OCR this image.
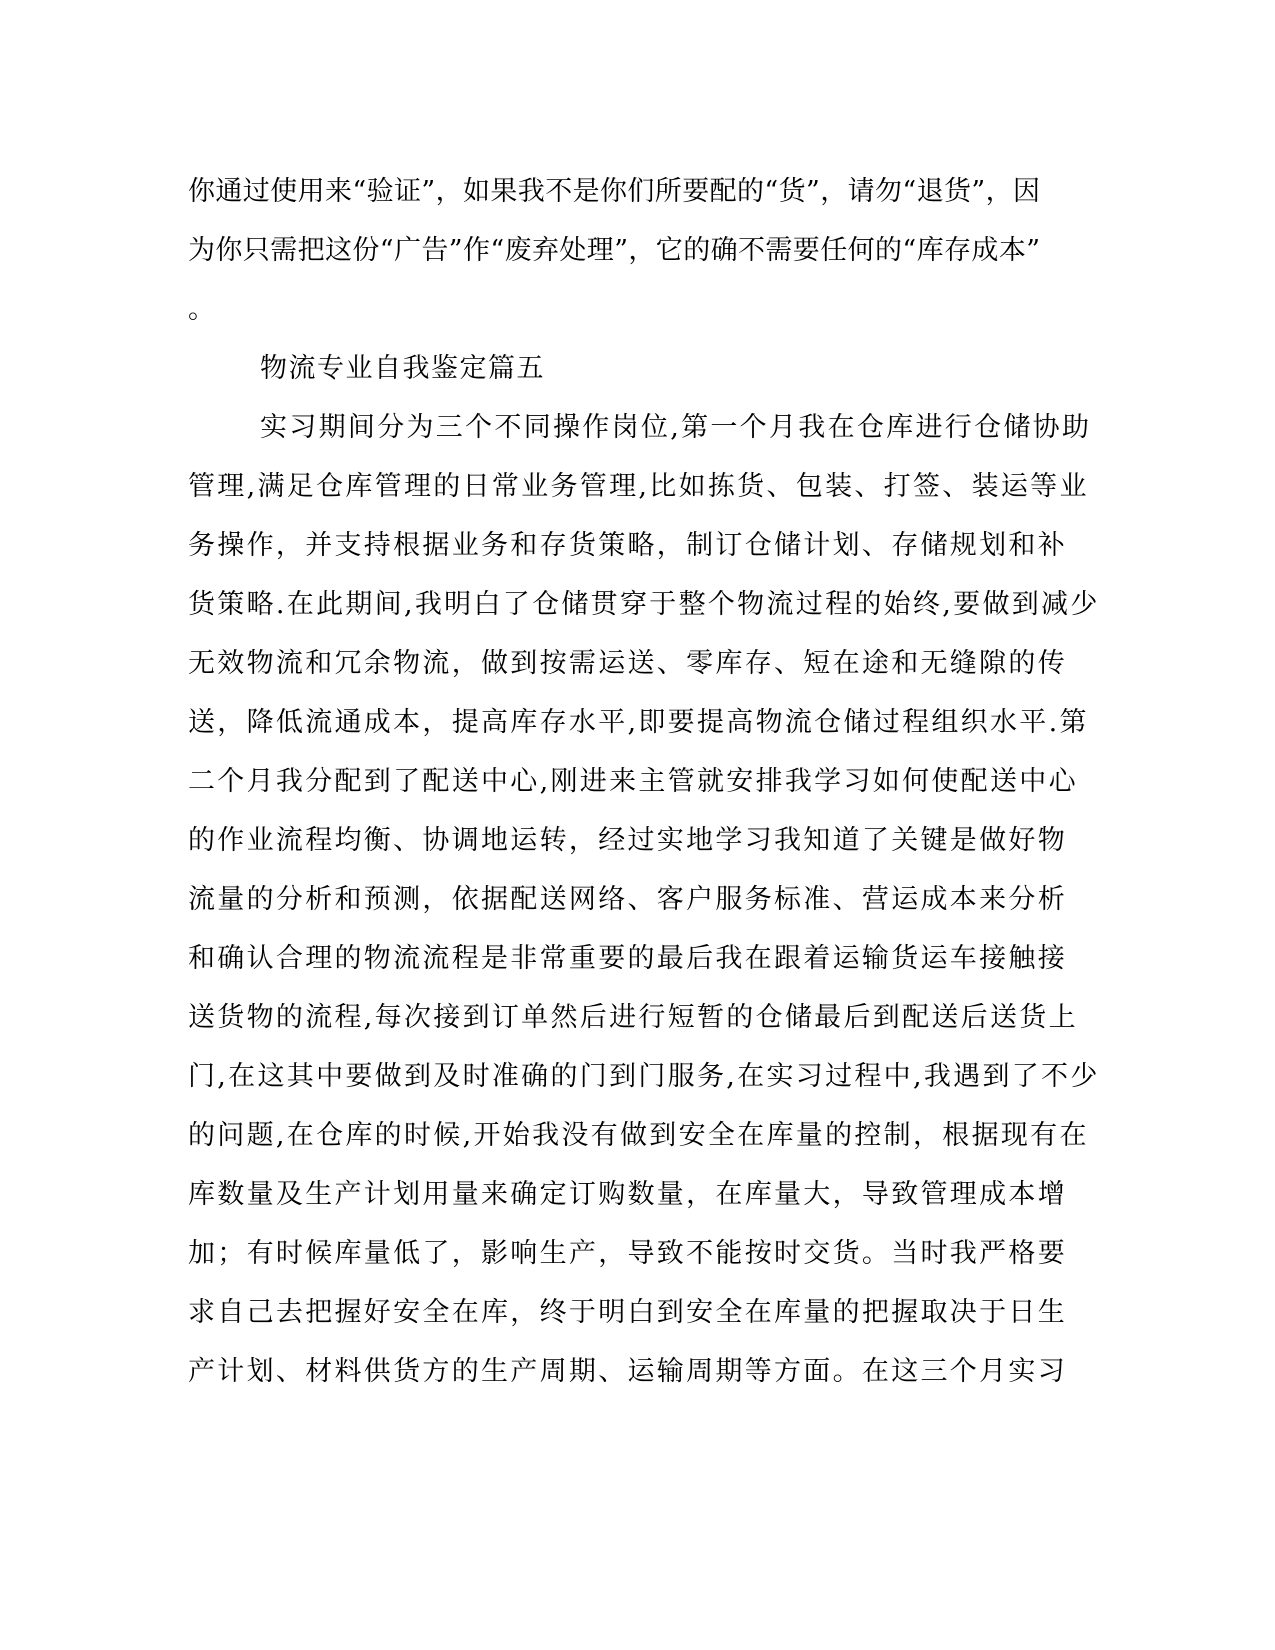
你通过使用来“验证”，如果我不是你们所要配的“货”，请勿“退货”，因
为你只需把这份“广告”作“废弃处理”，它的确不需要任何的“库存成本”
。
物流专业自我鉴定篇五
实习期间分为三个不同操作岗位,第一个月我在仓库进行仓储协助
管理,满足仓库管理的日常业务管理,比如拣货、包装、打签、装运等业
务操作，并支持根据业务和存货策略，制订仓储计划、存储规划和补
货策略.在此期间,我明白了仓储贯穿于整个物流过程的始终,要做到减少
无效物流和冗余物流，做到按需运送、零库存、短在途和无缝隙的传
送，降低流通成本，提高库存水平,即要提高物流仓储过程组织水平.第
二个月我分配到了配送中心,刚进来主管就安排我学习如何使配送中心
的作业流程均衡、协调地运转，经过实地学习我知道了关键是做好物
流量的分析和预测，依据配送网络、客户服务标准、营运成本来分析
和确认合理的物流流程是非常重要的最后我在跟着运输货运车接触接
送货物的流程,每次接到订单然后进行短暂的仓储最后到配送后送货上
门,在这其中要做到及时准确的门到门服务,在实习过程中,我遇到了不少
的问题,在仓库的时候,开始我没有做到安全在库量的控制，根据现有在
库数量及生产计划用量来确定订购数量，在库量大，导致管理成本增
加；有时候库量低了，影响生产，导致不能按时交货。当时我严格要
求自己去把握好安全在库，终于明白到安全在库量的把握取决于日生
产计划、材料供货方的生产周期、运输周期等方面。在这三个月实习
